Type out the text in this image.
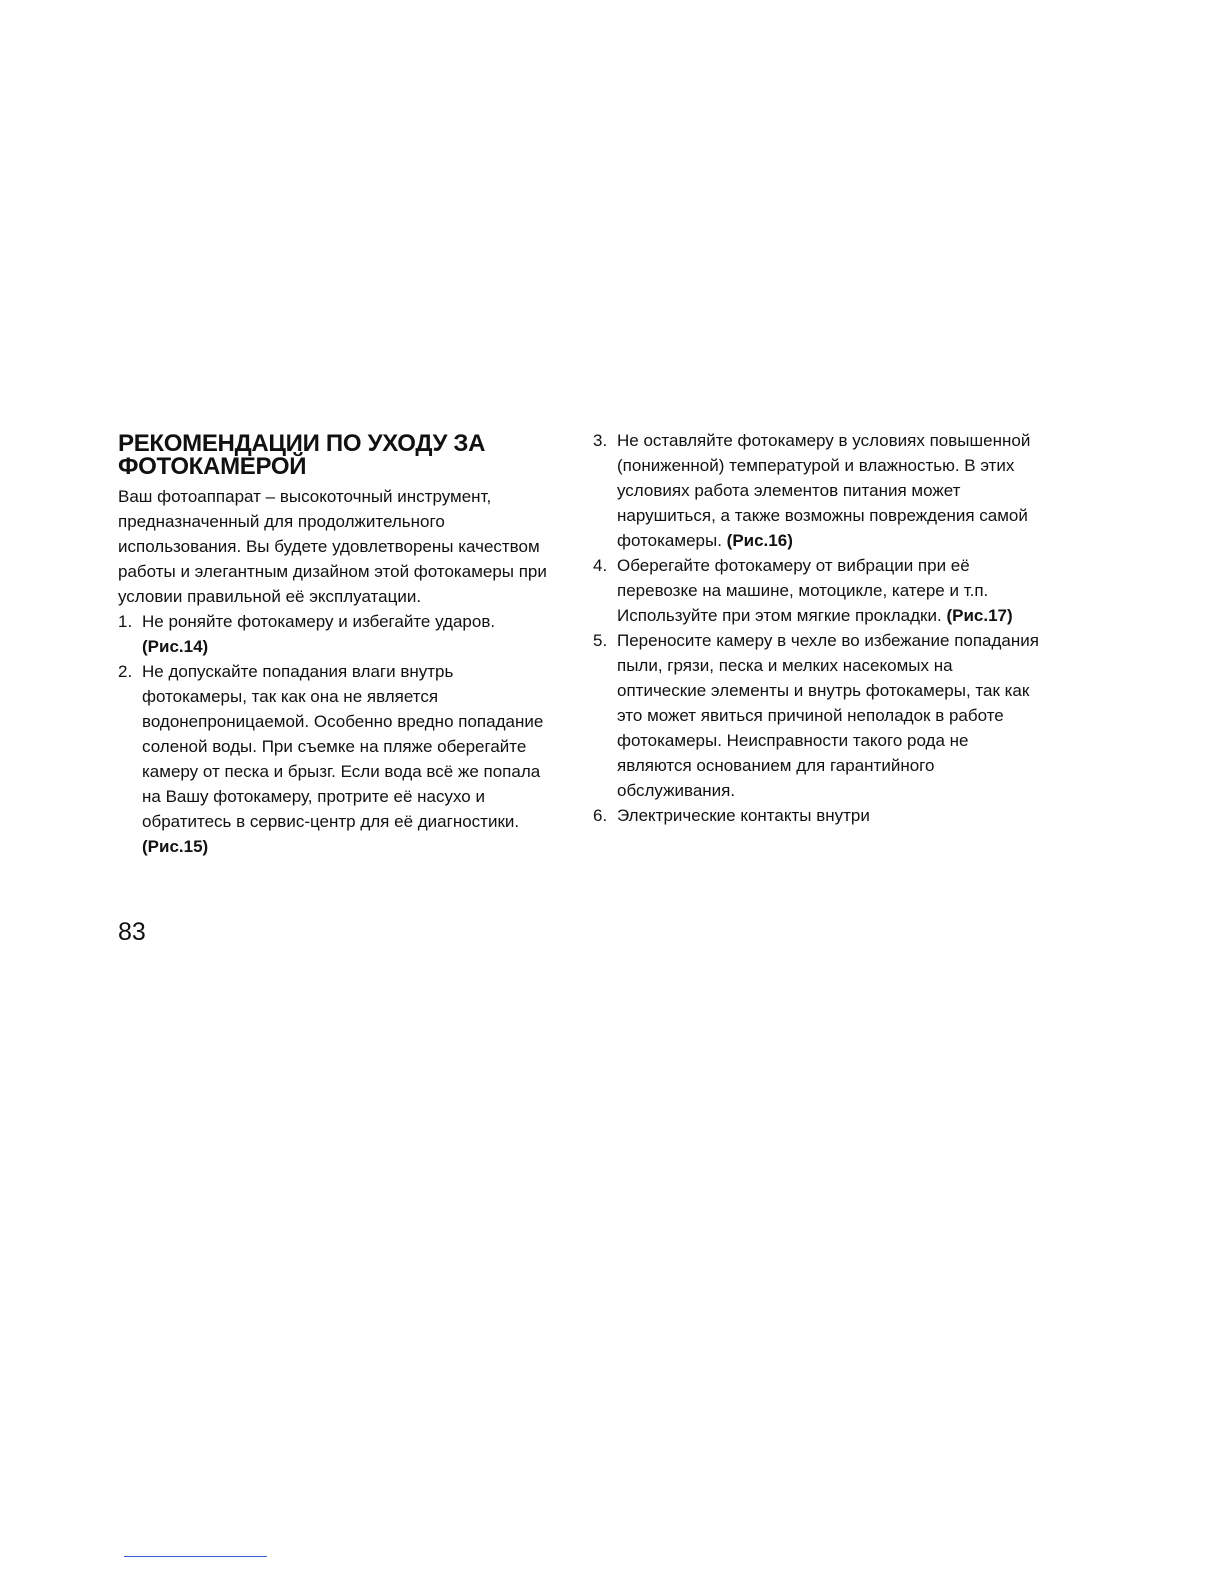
РЕКОМЕНДАЦИИ ПО УХОДУ ЗА ФОТОКАМЕРОЙ

Ваш фотоаппарат – высокоточный инструмент, предназначенный для продолжительного использования. Вы будете удовлетворены качеством работы и элегантным дизайном этой фотокамеры при условии правильной её эксплуатации.

1. Не роняйте фотокамеру и избегайте ударов. (Рис.14)
2. Не допускайте попадания влаги внутрь фотокамеры, так как она не является водонепроницаемой. Особенно вредно попадание соленой воды. При съемке на пляже оберегайте камеру от песка и брызг. Если вода всё же попала на Вашу фотокамеру, протрите её насухо и обратитесь в сервис-центр для её диагностики. (Рис.15)
3. Не оставляйте фотокамеру в условиях повышенной (пониженной) температурой и влажностью. В этих условиях работа элементов питания может нарушиться, а также возможны повреждения самой фотокамеры. (Рис.16)
4. Оберегайте фотокамеру от вибрации при её перевозке на машине, мотоцикле, катере и т.п. Используйте при этом мягкие прокладки. (Рис.17)
5. Переносите камеру в чехле во избежание попадания пыли, грязи, песка и мелких насекомых на оптические элементы и внутрь фотокамеры, так как это может явиться причиной неполадок в работе фотокамеры. Неисправности такого рода не являются основанием для гарантийного обслуживания.
6. Электрические контакты внутри
83
